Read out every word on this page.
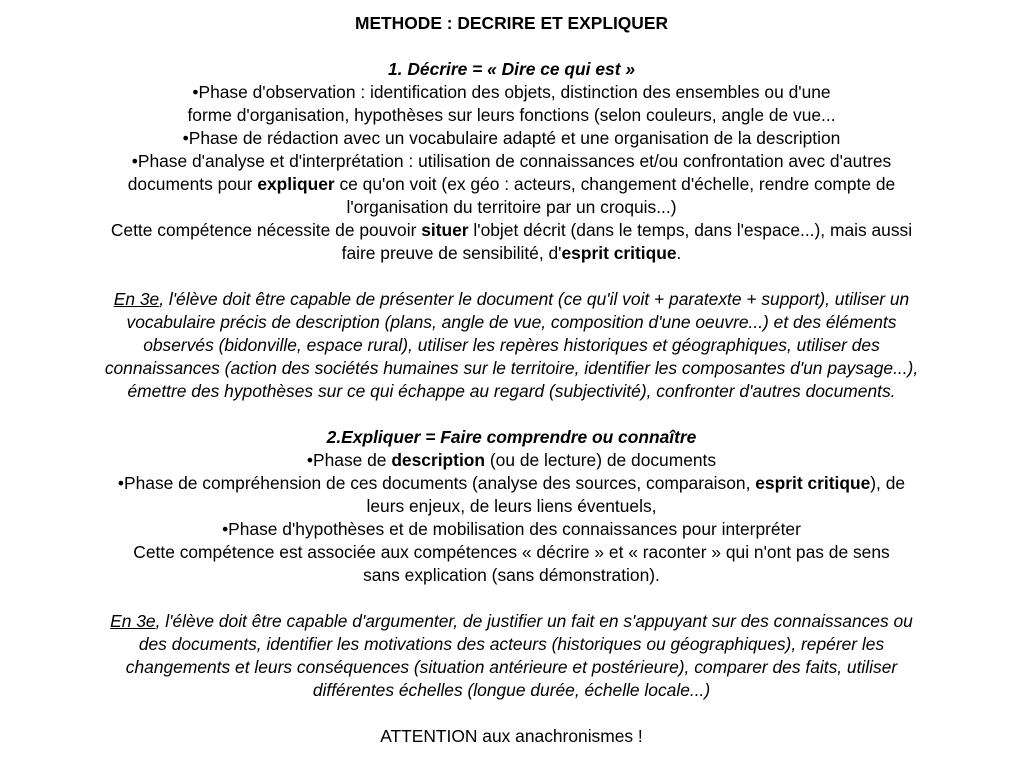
METHODE : DECRIRE ET EXPLIQUER
1. Décrire = « Dire ce qui est »
•Phase d'observation : identification des objets, distinction des ensembles ou d'une
forme d'organisation, hypothèses sur leurs fonctions (selon couleurs, angle de vue...
•Phase de rédaction avec un vocabulaire adapté et une organisation de la description
•Phase d'analyse et d'interprétation : utilisation de connaissances et/ou confrontation avec d'autres
documents pour expliquer ce qu'on voit (ex géo : acteurs, changement d'échelle, rendre compte de
l'organisation du territoire par un croquis...)
Cette compétence nécessite de pouvoir situer l'objet décrit (dans le temps, dans l'espace...), mais aussi
faire preuve de sensibilité, d'esprit critique.
En 3e, l'élève doit être capable de présenter le document (ce qu'il voit + paratexte + support), utiliser un
vocabulaire précis de description (plans, angle de vue, composition d'une oeuvre...) et des éléments
observés (bidonville, espace rural), utiliser les repères historiques et géographiques, utiliser des
connaissances (action des sociétés humaines sur le territoire, identifier les composantes d'un paysage...),
émettre des hypothèses sur ce qui échappe au regard (subjectivité), confronter d'autres documents.
2.Expliquer = Faire comprendre ou connaître
•Phase de description (ou de lecture) de documents
•Phase de compréhension de ces documents (analyse des sources, comparaison, esprit critique), de
leurs enjeux, de leurs liens éventuels,
•Phase d'hypothèses et de mobilisation des connaissances pour interpréter
Cette compétence est associée aux compétences « décrire » et « raconter » qui n'ont pas de sens
sans explication (sans démonstration).
En 3e, l'élève doit être capable d'argumenter, de justifier un fait en s'appuyant sur des connaissances ou
des documents, identifier les motivations des acteurs (historiques ou géographiques), repérer les
changements et leurs conséquences (situation antérieure et postérieure), comparer des faits, utiliser
différentes échelles (longue durée, échelle locale...)
ATTENTION aux anachronismes !
